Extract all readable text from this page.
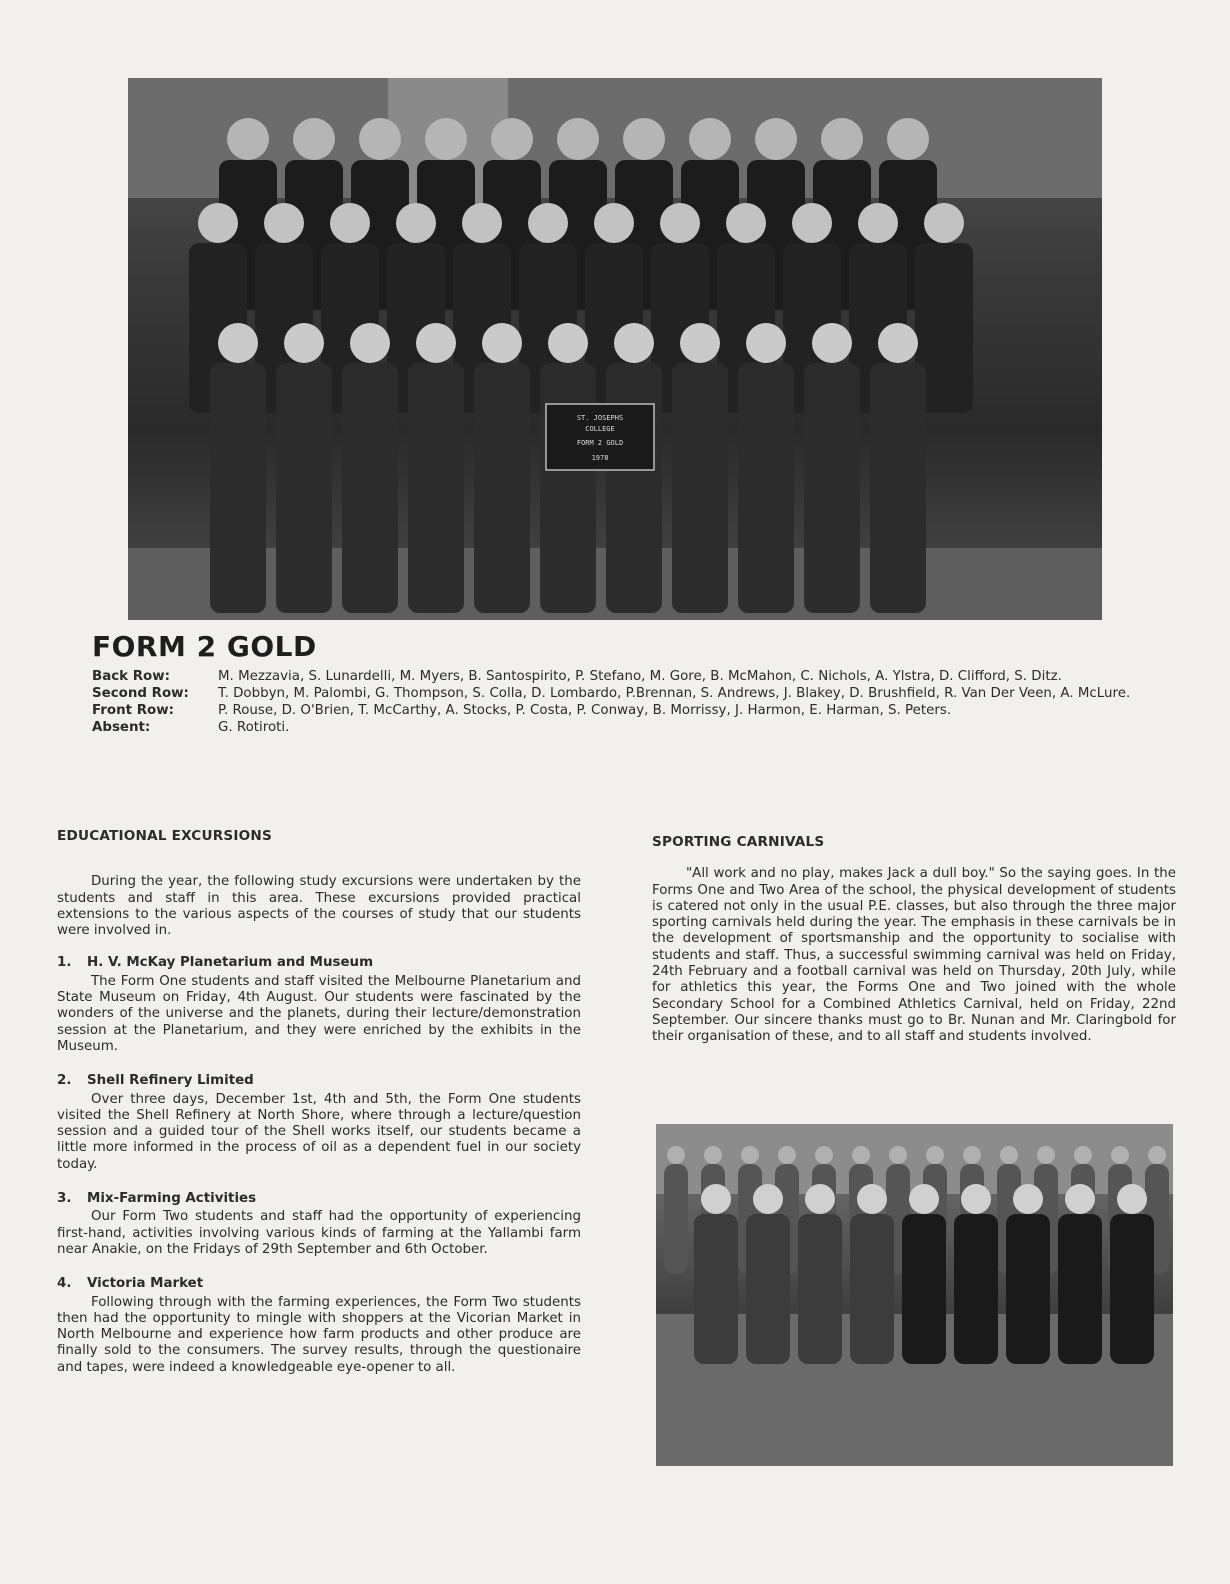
ST. JOSEPHS
COLLEGE
FORM 2 GOLD
1978
FORM 2 GOLD
Back Row:	M. Mezzavia, S. Lunardelli, M. Myers, B. Santospirito, P. Stefano, M. Gore, B. McMahon, C. Nichols, A. Ylstra, D. Clifford, S. Ditz.
Second Row:	T. Dobbyn, M. Palombi, G. Thompson, S. Colla, D. Lombardo, P.Brennan, S. Andrews, J. Blakey, D. Brushfield, R. Van Der Veen, A. McLure.
Front Row:	P. Rouse, D. O'Brien, T. McCarthy, A. Stocks, P. Costa, P. Conway, B. Morrissy, J. Harmon, E. Harman, S. Peters.
Absent:	G. Rotiroti.
EDUCATIONAL EXCURSIONS
During the year, the following study excursions were undertaken by the students and staff in this area. These excursions provided practical extensions to the various aspects of the courses of study that our students were involved in.
1. H. V. McKay Planetarium and Museum
The Form One students and staff visited the Melbourne Planetarium and State Museum on Friday, 4th August. Our students were fascinated by the wonders of the universe and the planets, during their lecture/demonstration session at the Planetarium, and they were enriched by the exhibits in the Museum.
2. Shell Refinery Limited
Over three days, December 1st, 4th and 5th, the Form One students visited the Shell Refinery at North Shore, where through a lecture/question session and a guided tour of the Shell works itself, our students became a little more informed in the process of oil as a dependent fuel in our society today.
3. Mix-Farming Activities
Our Form Two students and staff had the opportunity of experiencing first-hand, activities involving various kinds of farming at the Yallambi farm near Anakie, on the Fridays of 29th September and 6th October.
4. Victoria Market
Following through with the farming experiences, the Form Two students then had the opportunity to mingle with shoppers at the Vicorian Market in North Melbourne and experience how farm products and other produce are finally sold to the consumers. The survey results, through the questionaire and tapes, were indeed a knowledgeable eye-opener to all.
SPORTING CARNIVALS
"All work and no play, makes Jack a dull boy." So the saying goes. In the Forms One and Two Area of the school, the physical development of students is catered not only in the usual P.E. classes, but also through the three major sporting carnivals held during the year. The emphasis in these carnivals be in the development of sportsmanship and the opportunity to socialise with students and staff. Thus, a successful swimming carnival was held on Friday, 24th February and a football carnival was held on Thursday, 20th July, while for athletics this year, the Forms One and Two joined with the whole Secondary School for a Combined Athletics Carnival, held on Friday, 22nd September. Our sincere thanks must go to Br. Nunan and Mr. Claringbold for their organisation of these, and to all staff and students involved.
